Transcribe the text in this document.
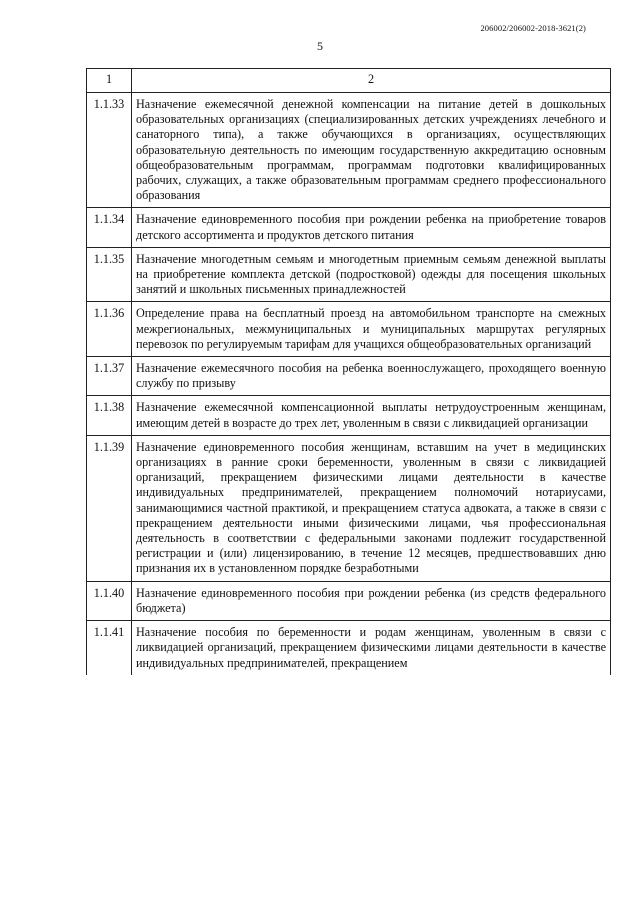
206002/206002-2018-3621(2)
5
1	2
1.1.33	Назначение ежемесячной денежной компенсации на питание детей в дошкольных образовательных организациях (специализированных детских учреждениях лечебного и санаторного типа), а также обучающихся в организациях, осуществляющих образовательную деятельность по имеющим государственную аккредитацию основным общеобразовательным программам, программам подготовки квалифицированных рабочих, служащих, а также образовательным программам среднего профессионального образования
1.1.34	Назначение единовременного пособия при рождении ребенка на приобретение товаров детского ассортимента и продуктов детского питания
1.1.35	Назначение многодетным семьям и многодетным приемным семьям денежной выплаты на приобретение комплекта детской (подростковой) одежды для посещения школьных занятий и школьных письменных принадлежностей
1.1.36	Определение права на бесплатный проезд на автомобильном транспорте на смежных межрегиональных, межмуниципальных и муниципальных маршрутах регулярных перевозок по регулируемым тарифам для учащихся общеобразовательных организаций
1.1.37	Назначение ежемесячного пособия на ребенка военнослужащего, проходящего военную службу по призыву
1.1.38	Назначение ежемесячной компенсационной выплаты нетрудоустроенным женщинам, имеющим детей в возрасте до трех лет, уволенным в связи с ликвидацией организации
1.1.39	Назначение единовременного пособия женщинам, вставшим на учет в медицинских организациях в ранние сроки беременности, уволенным в связи с ликвидацией организаций, прекращением физическими лицами деятельности в качестве индивидуальных предпринимателей, прекращением полномочий нотариусами, занимающимися частной практикой, и прекращением статуса адвоката, а также в связи с прекращением деятельности иными физическими лицами, чья профессиональная деятельность в соответствии с федеральными законами подлежит государственной регистрации и (или) лицензированию, в течение 12 месяцев, предшествовавших дню признания их в установленном порядке безработными
1.1.40	Назначение единовременного пособия при рождении ребенка (из средств федерального бюджета)
1.1.41	Назначение пособия по беременности и родам женщинам, уволенным в связи с ликвидацией организаций, прекращением физическими лицами деятельности в качестве индивидуальных предпринимателей, прекращением
